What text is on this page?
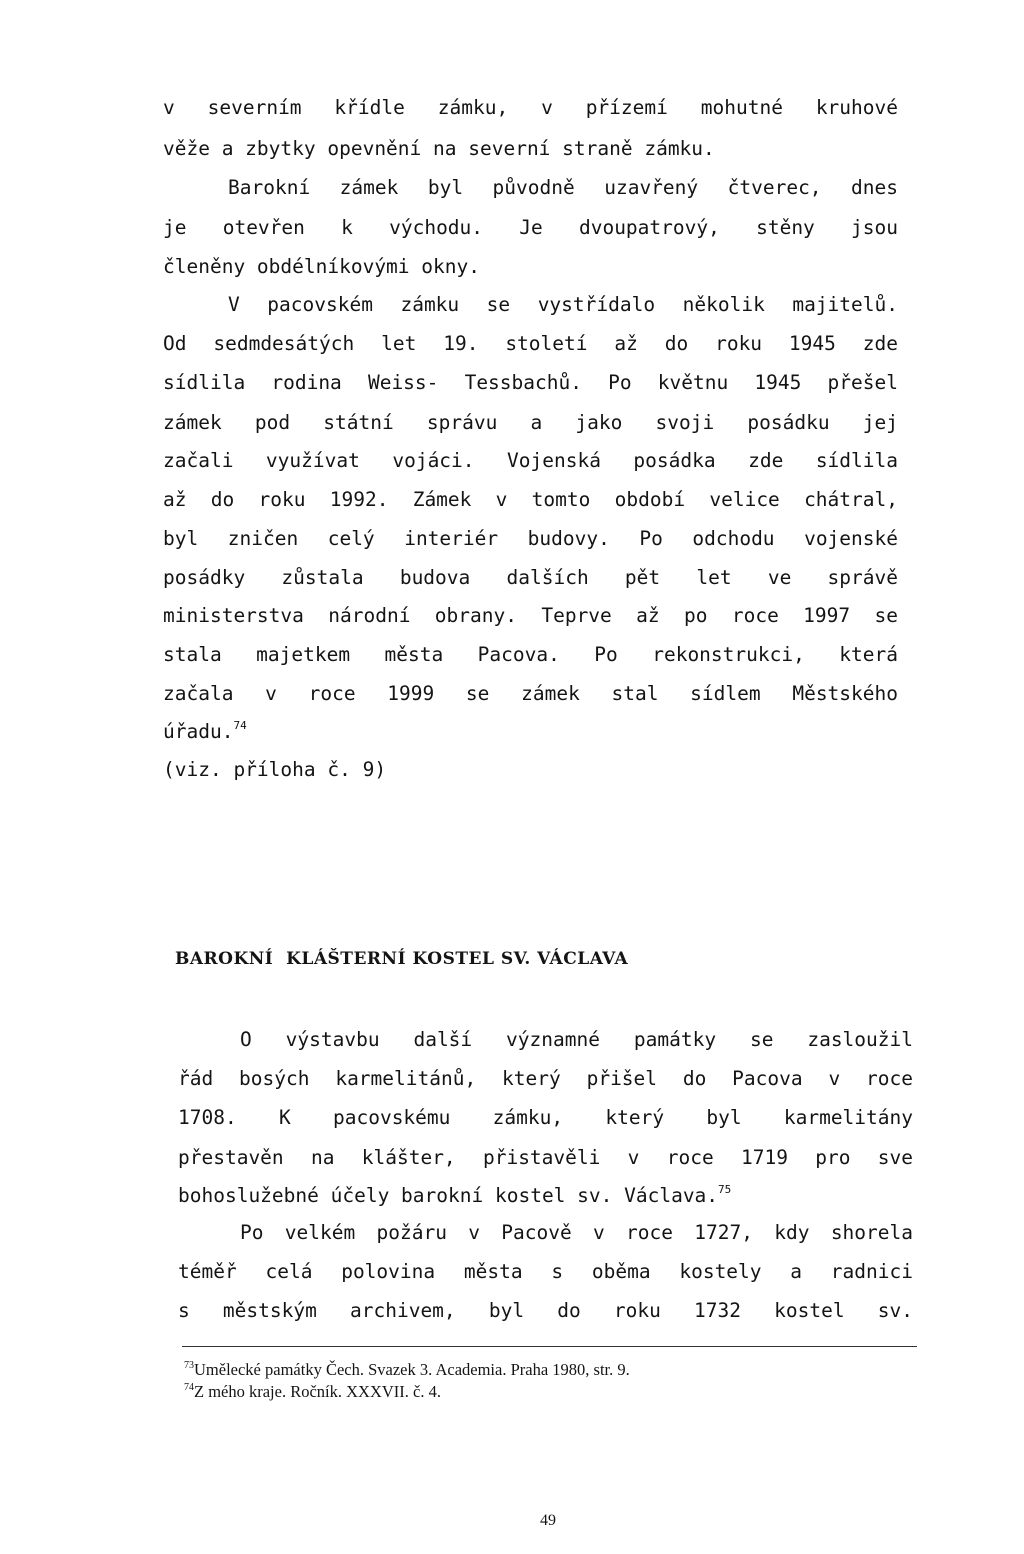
v severním křídle zámku, v přízemí mohutné kruhové
věže a zbytky opevnění na severní straně zámku.
Barokní zámek byl původně uzavřený čtverec, dnes
je otevřen k východu. Je dvoupatrový, stěny jsou
členěny obdélníkovými okny.
V pacovském zámku se vystřídalo několik majitelů.
Od sedmdesátých let 19. století až do roku 1945 zde
sídlila rodina Weiss- Tessbachů. Po květnu 1945 přešel
zámek pod státní správu a jako svoji posádku jej
začali využívat vojáci. Vojenská posádka zde sídlila
až do roku 1992. Zámek v tomto období velice chátral,
byl zničen celý interiér budovy. Po odchodu vojenské
posádky zůstala budova dalších pět let ve správě
ministerstva národní obrany. Teprve až po roce 1997 se
stala majetkem města Pacova. Po rekonstrukci, která
začala v roce 1999 se zámek stal sídlem Městského
úřadu.$^{74}$
(viz. příloha č. 9)
BAROKNÍ  KLÁŠTERNÍ KOSTEL SV. VÁCLAVA
O výstavbu další významné památky se zasloužil
řád bosých karmelitánů, který přišel do Pacova v roce
1708. K pacovskému zámku, který byl karmelitány
přestavěn na klášter, přistavěli v roce 1719 pro sve
bohoslužebné účely barokní kostel sv. Václava.$^{75}$
Po velkém požáru v Pacově v roce 1727, kdy shorela
téměř celá polovina města s oběma kostely a radnici
s městským archivem, byl do roku 1732 kostel sv.
$^{73}$Umělecké památky Čech. Svazek 3. Academia. Praha 1980, str. 9.
$^{74}$Z mého kraje. Ročník. XXXVII. č. 4.
49
